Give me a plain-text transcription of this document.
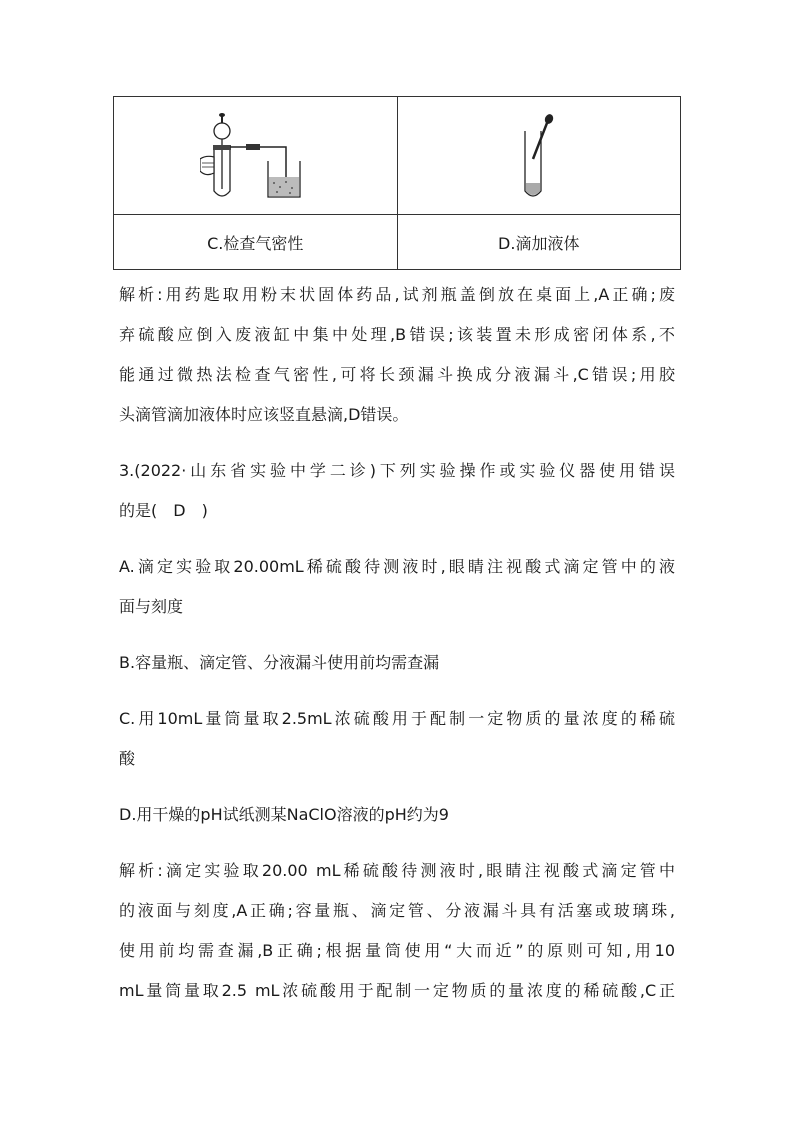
C.检查气密性	D.滴加液体
解析:用药匙取用粉末状固体药品,试剂瓶盖倒放在桌面上,A正确;废
弃硫酸应倒入废液缸中集中处理,B错误;该装置未形成密闭体系,不
能通过微热法检查气密性,可将长颈漏斗换成分液漏斗,C错误;用胶
头滴管滴加液体时应该竖直悬滴,D错误。
3.(2022·山东省实验中学二诊)下列实验操作或实验仪器使用错误
的是(　D　)
A.滴定实验取20.00mL稀硫酸待测液时,眼睛注视酸式滴定管中的液
面与刻度
B.容量瓶、滴定管、分液漏斗使用前均需查漏
C.用10mL量筒量取2.5mL浓硫酸用于配制一定物质的量浓度的稀硫
酸
D.用干燥的pH试纸测某NaClO溶液的pH约为9
解析:滴定实验取20.00 mL稀硫酸待测液时,眼睛注视酸式滴定管中
的液面与刻度,A正确;容量瓶、滴定管、分液漏斗具有活塞或玻璃珠,
使用前均需查漏,B正确;根据量筒使用“大而近”的原则可知,用10
mL量筒量取2.5 mL浓硫酸用于配制一定物质的量浓度的稀硫酸,C正
